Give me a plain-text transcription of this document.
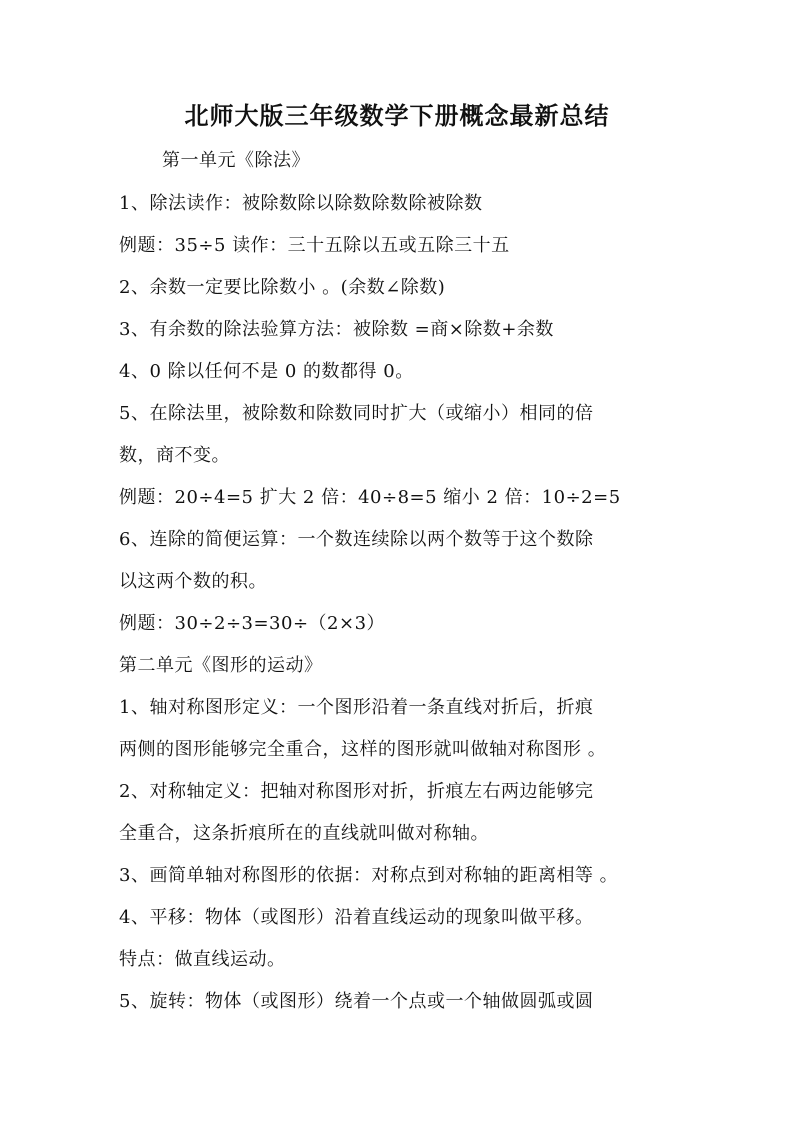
北师大版三年级数学下册概念最新总结
第一单元《除法》
1、除法读作：被除数除以除数除数除被除数
例题：35÷5 读作：三十五除以五或五除三十五
2、余数一定要比除数小 。(余数∠除数)
3、有余数的除法验算方法：被除数 =商×除数+余数
4、0 除以任何不是 0 的数都得 0。
5、在除法里，被除数和除数同时扩大（或缩小）相同的倍
数，商不变。
例题：20÷4=5 扩大 2 倍：40÷8=5 缩小 2 倍：10÷2=5
6、连除的简便运算：一个数连续除以两个数等于这个数除
以这两个数的积。
例题：30÷2÷3=30÷（2×3）
第二单元《图形的运动》
1、轴对称图形定义：一个图形沿着一条直线对折后，折痕
两侧的图形能够完全重合，这样的图形就叫做轴对称图形 。
2、对称轴定义：把轴对称图形对折，折痕左右两边能够完
全重合，这条折痕所在的直线就叫做对称轴。
3、画简单轴对称图形的依据：对称点到对称轴的距离相等 。
4、平移：物体（或图形）沿着直线运动的现象叫做平移。
特点：做直线运动。
5、旋转：物体（或图形）绕着一个点或一个轴做圆弧或圆
